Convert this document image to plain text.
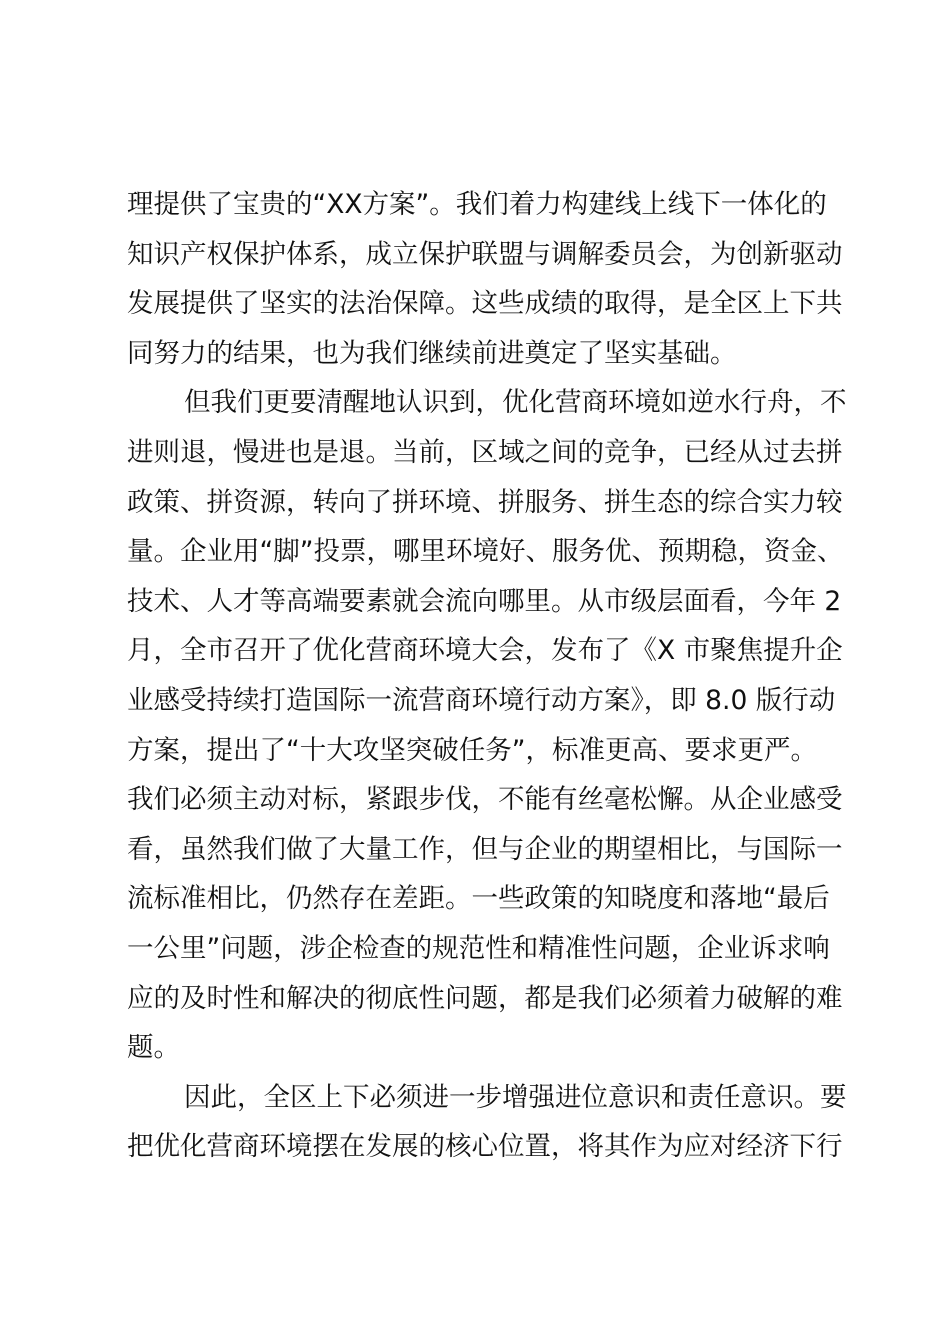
理提供了宝贵的“XX方案”。我们着力构建线上线下一体化的
知识产权保护体系，成立保护联盟与调解委员会，为创新驱动
发展提供了坚实的法治保障。这些成绩的取得，是全区上下共
同努力的结果，也为我们继续前进奠定了坚实基础。
但我们更要清醒地认识到，优化营商环境如逆水行舟，不
进则退，慢进也是退。当前，区域之间的竞争，已经从过去拼
政策、拼资源，转向了拼环境、拼服务、拼生态的综合实力较
量。企业用“脚”投票，哪里环境好、服务优、预期稳，资金、
技术、人才等高端要素就会流向哪里。从市级层面看，今年 2
月，全市召开了优化营商环境大会，发布了《X 市聚焦提升企
业感受持续打造国际一流营商环境行动方案》，即 8.0 版行动
方案，提出了“十大攻坚突破任务”，标准更高、要求更严。
我们必须主动对标，紧跟步伐，不能有丝毫松懈。从企业感受
看，虽然我们做了大量工作，但与企业的期望相比，与国际一
流标准相比，仍然存在差距。一些政策的知晓度和落地“最后
一公里”问题，涉企检查的规范性和精准性问题，企业诉求响
应的及时性和解决的彻底性问题，都是我们必须着力破解的难
题。
因此，全区上下必须进一步增强进位意识和责任意识。要
把优化营商环境摆在发展的核心位置，将其作为应对经济下行
